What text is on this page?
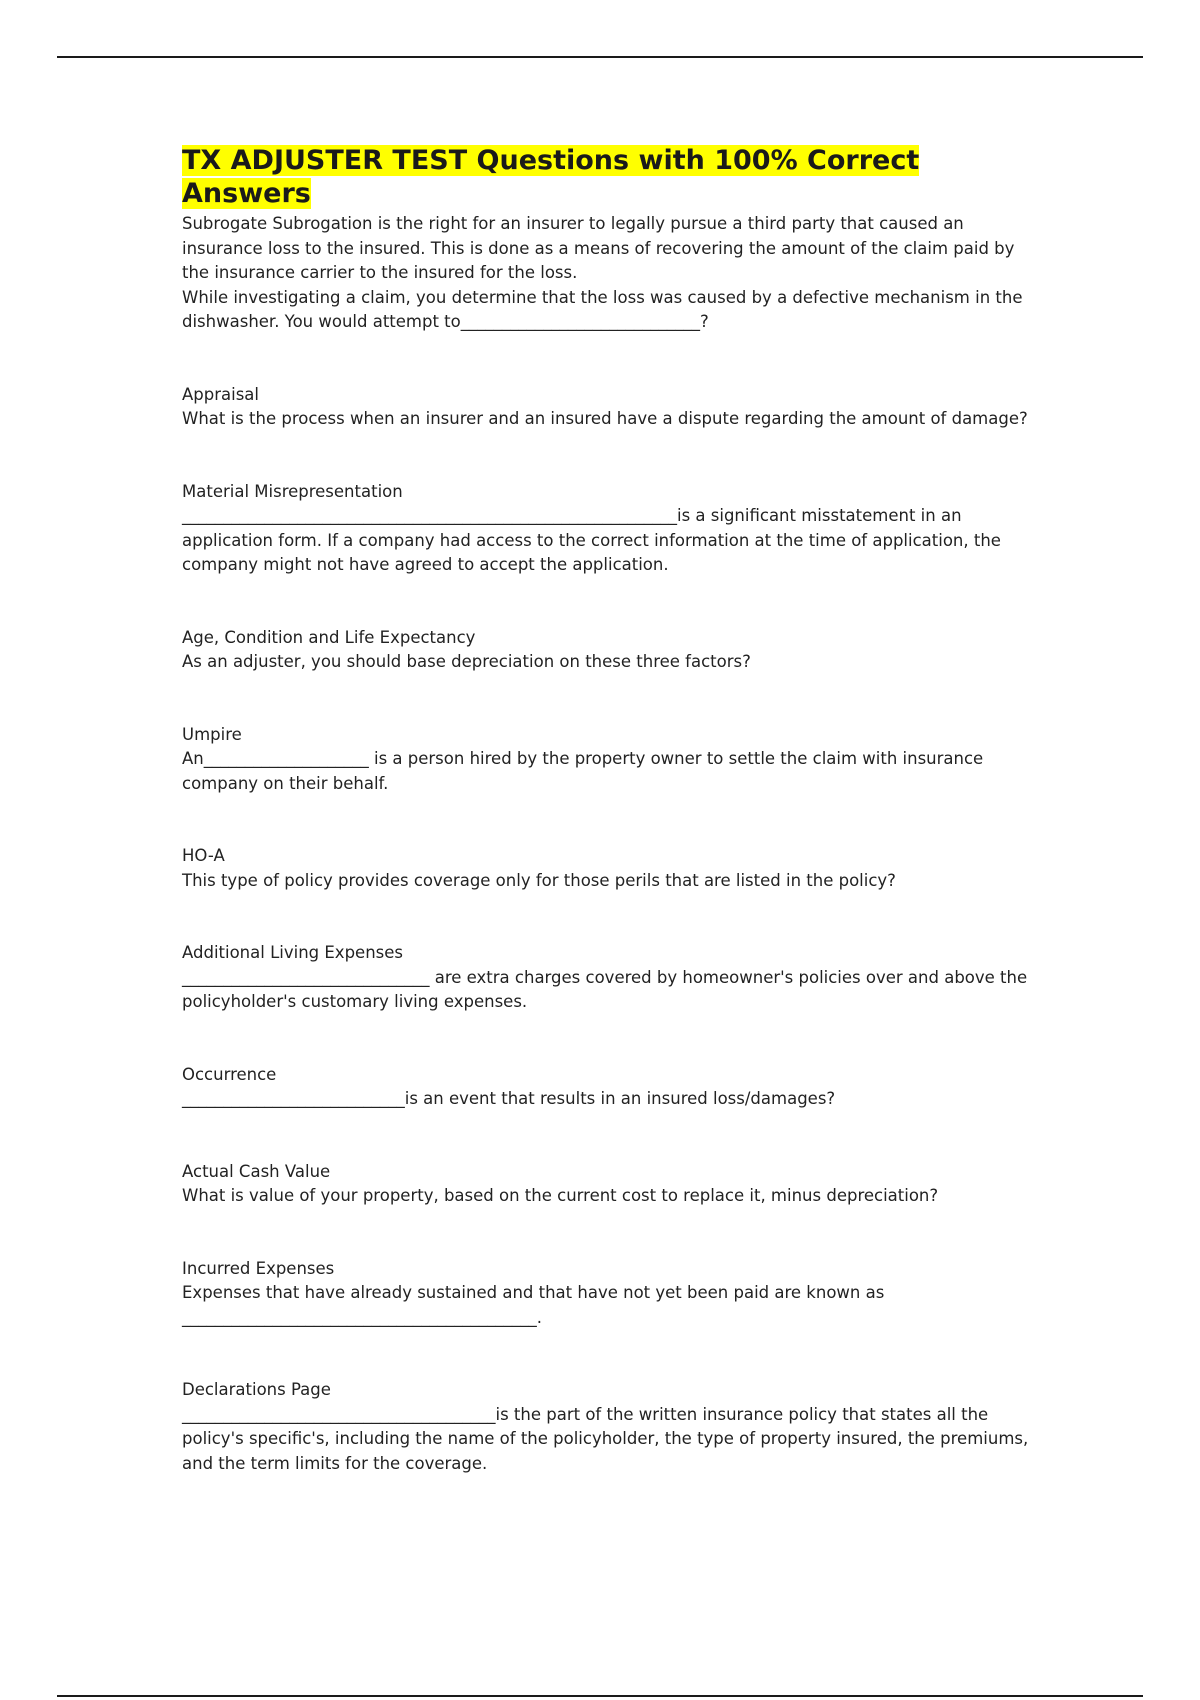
TX ADJUSTER TEST Questions with 100% Correct Answers
Subrogate Subrogation is the right for an insurer to legally pursue a third party that caused an insurance loss to the insured. This is done as a means of recovering the amount of the claim paid by the insurance carrier to the insured for the loss.
While investigating a claim, you determine that the loss was caused by a defective mechanism in the dishwasher. You would attempt to_____________________________?
Appraisal
What is the process when an insurer and an insured have a dispute regarding the amount of damage?
Material Misrepresentation
____________________________________________________________is a significant misstatement in an application form. If a company had access to the correct information at the time of application, the company might not have agreed to accept the application.
Age, Condition and Life Expectancy
As an adjuster, you should base depreciation on these three factors?
Umpire
An____________________ is a person hired by the property owner to settle the claim with insurance company on their behalf.
HO-A
This type of policy provides coverage only for those perils that are listed in the policy?
Additional Living Expenses
______________________________ are extra charges covered by homeowner's policies over and above the policyholder's customary living expenses.
Occurrence
___________________________is an event that results in an insured loss/damages?
Actual Cash Value
What is value of your property, based on the current cost to replace it, minus depreciation?
Incurred Expenses
Expenses that have already sustained and that have not yet been paid are known as ___________________________________________.
Declarations Page
______________________________________is the part of the written insurance policy that states all the policy's specific's, including the name of the policyholder, the type of property insured, the premiums, and the term limits for the coverage.
